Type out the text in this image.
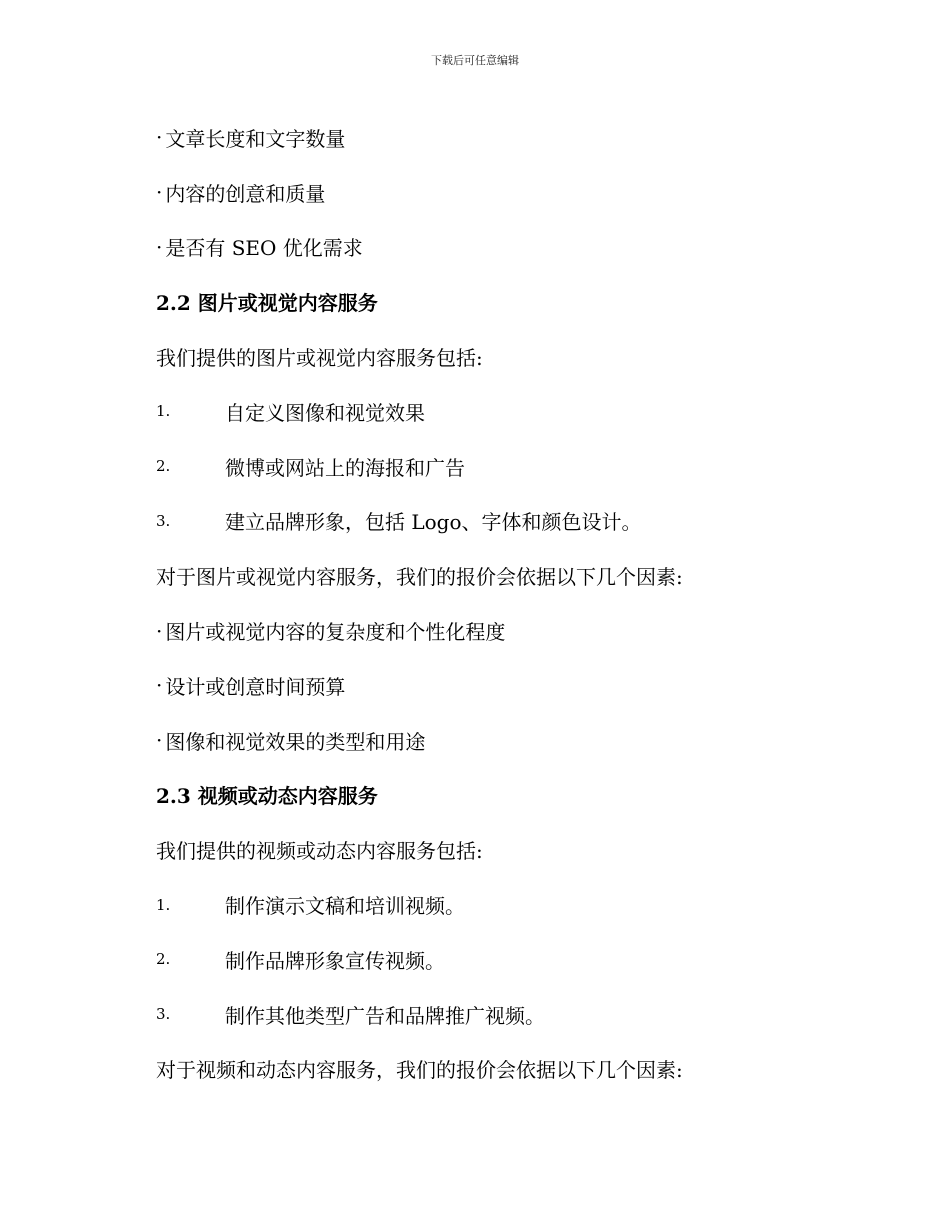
下载后可任意编辑
· 文章长度和文字数量
· 内容的创意和质量
· 是否有 SEO 优化需求
2.2 图片或视觉内容服务
我们提供的图片或视觉内容服务包括:
1.	自定义图像和视觉效果
2.	微博或网站上的海报和广告
3.	建立品牌形象，包括 Logo、字体和颜色设计。
对于图片或视觉内容服务，我们的报价会依据以下几个因素:
· 图片或视觉内容的复杂度和个性化程度
· 设计或创意时间预算
· 图像和视觉效果的类型和用途
2.3 视频或动态内容服务
我们提供的视频或动态内容服务包括:
1.	制作演示文稿和培训视频。
2.	制作品牌形象宣传视频。
3.	制作其他类型广告和品牌推广视频。
对于视频和动态内容服务，我们的报价会依据以下几个因素:
